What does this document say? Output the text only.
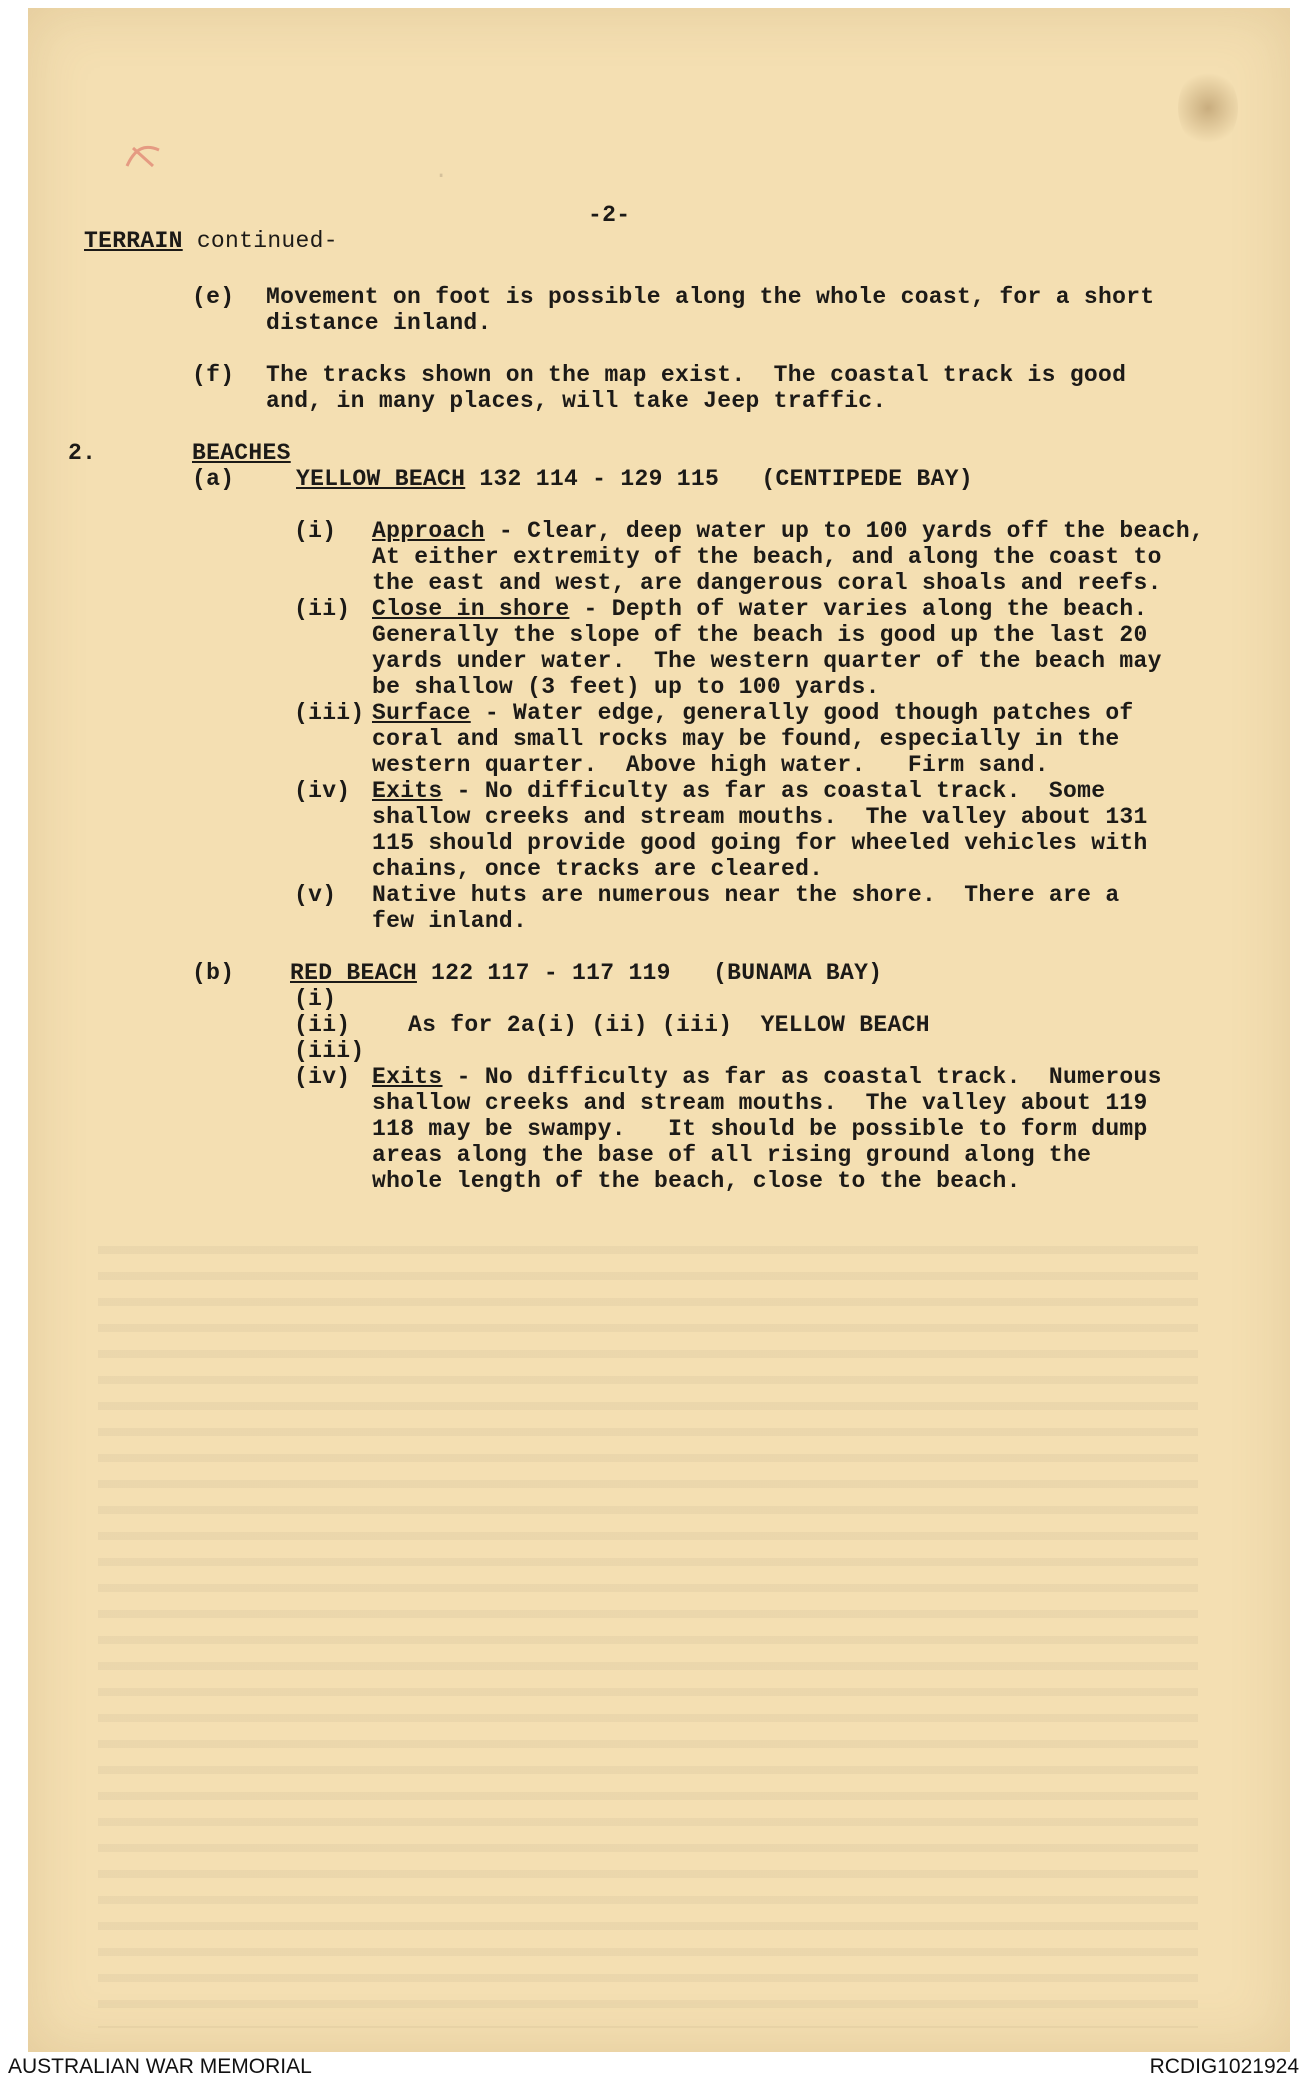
.
-2-
TERRAIN continued-
(e) Movement on foot is possible along the whole coast, for a short
distance inland.
(f) The tracks shown on the map exist.  The coastal track is good
and, in many places, will take Jeep traffic.
2.	BEACHES
(a)	YELLOW BEACH 132 114 - 129 115 (CENTIPEDE BAY)
(i) Approach - Clear, deep water up to 100 yards off the beach,
At either extremity of the beach, and along the coast to
the east and west, are dangerous coral shoals and reefs.
(ii) Close in shore - Depth of water varies along the beach.
Generally the slope of the beach is good up the last 20
yards under water.  The western quarter of the beach may
be shallow (3 feet) up to 100 yards.
(iii) Surface - Water edge, generally good though patches of
coral and small rocks may be found, especially in the
western quarter.  Above high water.   Firm sand.
(iv) Exits - No difficulty as far as coastal track.  Some
shallow creeks and stream mouths.  The valley about 131
115 should provide good going for wheeled vehicles with
chains, once tracks are cleared.
(v) Native huts are numerous near the shore.  There are a
few inland.
(b) RED BEACH 122 117 - 117 119 (BUNAMA BAY)
(i)
(ii)
(iii)
As for 2a(i) (ii) (iii) YELLOW BEACH
(iv) Exits - No difficulty as far as coastal track.  Numerous
shallow creeks and stream mouths.  The valley about 119
118 may be swampy.   It should be possible to form dump
areas along the base of all rising ground along the
whole length of the beach, close to the beach.
AUSTRALIAN WAR MEMORIAL	RCDIG1021924
